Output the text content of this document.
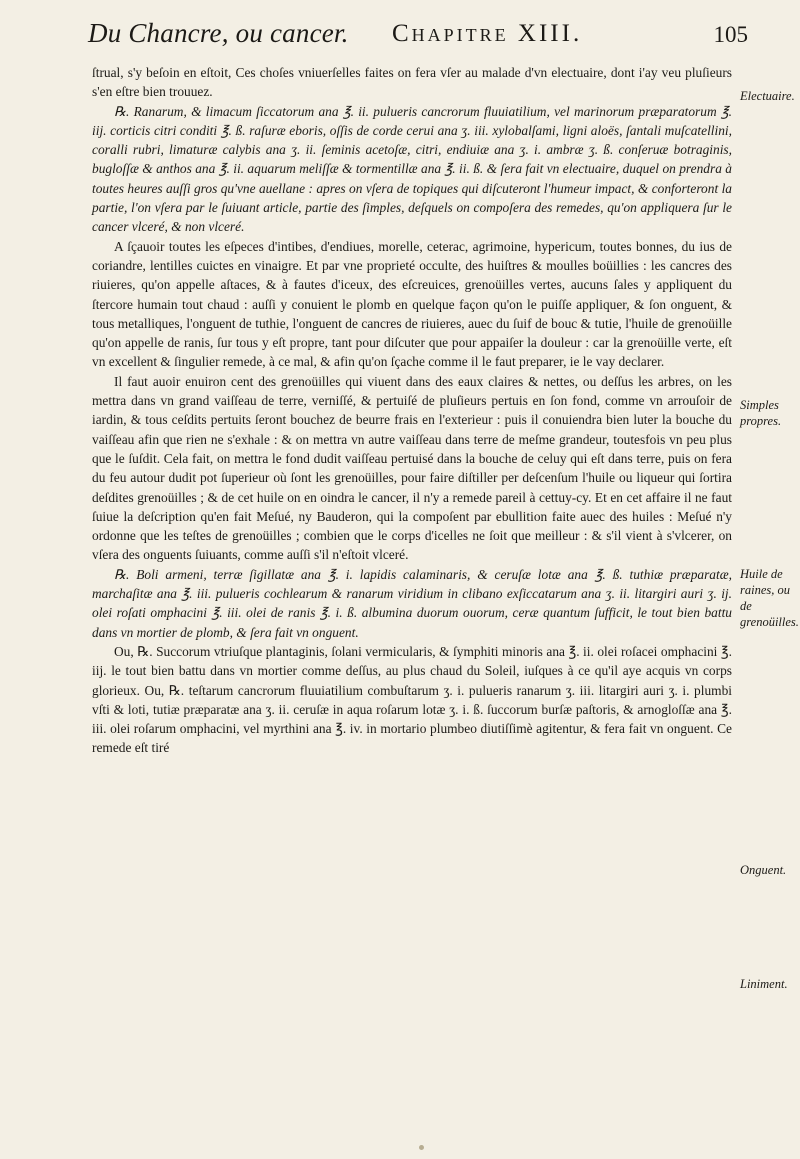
Du Chancre, ou cancer. Chapitre XIII.	105

ſtrual, s'y beſoin en eſtoit, Ces choſes vniuerſelles faites on fera vſer au malade d'vn electuaire, dont i'ay veu pluſieurs s'en eſtre bien trouuez.

℞. Ranarum, & limacum ſiccatorum ana ℥. ii. pulueris cancrorum fluuiatilium, vel marinorum præparatorum ℥. iij. corticis citri conditi ℥. ß. raſuræ eboris, oſſis de corde cerui ana ʒ. iii. xylobalſami, ligni aloës, ſantali muſcatellini, coralli rubri, limaturæ calybis ana ʒ. ii. ſeminis acetoſæ, citri, endiuiæ ana ʒ. i. ambræ ʒ. ß. conſeruæ botraginis, bugloſſæ & anthos ana ℥. ii. aquarum meliſſæ & tormentillæ ana ℥. ii. ß. & ſera fait vn electuaire, duquel on prendra à toutes heures auſſi gros qu'vne auellane : apres on vſera de topiques qui diſcuteront l'humeur impact, & conforteront la partie, l'on vſera par le ſuiuant article, partie des ſimples, deſquels on compoſera des remedes, qu'on appliquera ſur le cancer vlceré, & non vlceré.

A ſçauoir toutes les eſpeces d'intibes, d'endiues, morelle, ceterac, agrimoine, hypericum, toutes bonnes, du ius de coriandre, lentilles cuictes en vinaigre. Et par vne proprieté occulte, des huiſtres & moulles boüillies : les cancres des riuieres, qu'on appelle aſtaces, & à fautes d'iceux, des eſcreuices, grenoüilles vertes, aucuns ſales y appliquent du ſtercore humain tout chaud : auſſi y conuient le plomb en quelque façon qu'on le puiſſe appliquer, & ſon onguent, & tous metalliques, l'onguent de tuthie, l'onguent de cancres de riuieres, auec du ſuif de bouc & tutie, l'huile de grenoüille qu'on appelle de ranis, ſur tous y eſt propre, tant pour diſcuter que pour appaiſer la douleur : car la grenoüille verte, eſt vn excellent & ſingulier remede, à ce mal, & afin qu'on ſçache comme il le faut preparer, ie le vay declarer.

Il faut auoir enuiron cent des grenoüilles qui viuent dans des eaux claires & nettes, ou deſſus les arbres, on les mettra dans vn grand vaiſſeau de terre, verniſſé, & pertuiſé de pluſieurs pertuis en ſon fond, comme vn arrouſoir de iardin, & tous ceſdits pertuits ſeront bouchez de beurre frais en l'exterieur : puis il conuiendra bien luter la bouche du vaiſſeau afin que rien ne s'exhale : & on mettra vn autre vaiſſeau dans terre de meſme grandeur, toutesfois vn peu plus que le ſuſdit. Cela fait, on mettra le fond dudit vaiſſeau pertuisé dans la bouche de celuy qui eſt dans terre, puis on fera du feu autour dudit pot ſuperieur où ſont les grenoüilles, pour faire diſtiller per deſcenſum l'huile ou liqueur qui ſortira deſdites grenoüilles ; & de cet huile on en oindra le cancer, il n'y a remede pareil à cettuy-cy. Et en cet affaire il ne faut ſuiue la deſcription qu'en fait Meſué, ny Bauderon, qui la compoſent par ebullition faite auec des huiles : Meſué n'y ordonne que les teſtes de grenoüilles ; combien que le corps d'icelles ne ſoit que meilleur : & s'il vient à s'vlcerer, on vſera des onguents ſuiuants, comme auſſi s'il n'eſtoit vlceré.

℞. Boli armeni, terræ ſigillatæ ana ℥. i. lapidis calaminaris, & ceruſæ lotæ ana ℥. ß. tuthiæ præparatæ, marchaſitæ ana ℥. iii. pulueris cochlearum & ranarum viridium in clibano exſiccatarum ana ʒ. ii. litargiri auri ʒ. ij. olei roſati omphacini ℥. iii. olei de ranis ℥. i. ß. albumina duorum ouorum, ceræ quantum ſufficit, le tout bien battu dans vn mortier de plomb, & ſera fait vn onguent.

Ou, ℞. Succorum vtriuſque plantaginis, ſolani vermicularis, & ſymphiti minoris ana ℥. ii. olei roſacei omphacini ℥. iij. le tout bien battu dans vn mortier comme deſſus, au plus chaud du Soleil, iuſques à ce qu'il aye acquis vn corps glorieux. Ou, ℞. teſtarum cancrorum fluuiatilium combuſtarum ʒ. i. pulueris ranarum ʒ. iii. litargiri auri ʒ. i. plumbi vſti & loti, tutiæ præparatæ ana ʒ. ii. ceruſæ in aqua roſarum lotæ ʒ. i. ß. ſuccorum burſæ paſtoris, & arnogloſſæ ana ℥. iii. olei roſarum omphacini, vel myrthini ana ℥. iv. in mortario plumbeo diutiſſimè agitentur, & fera fait vn onguent. Ce remede eſt tiré

Electuaire.
Simples propres.
Huile de raines, ou de grenoüilles.
Onguent.
Liniment.
